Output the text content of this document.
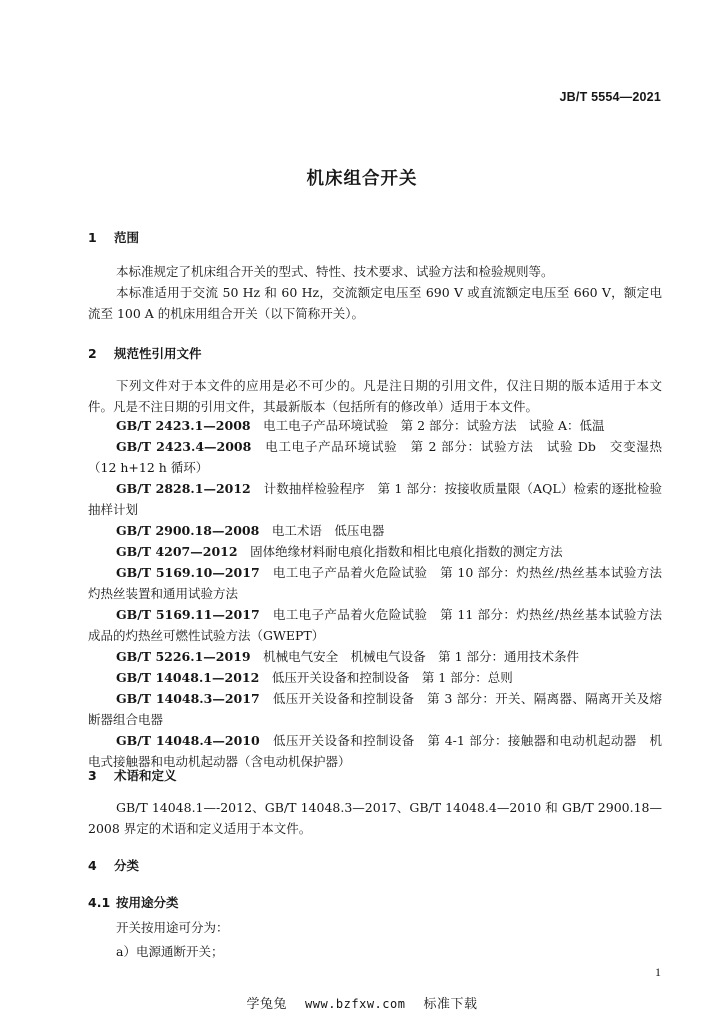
JB/T 5554—2021
机床组合开关
1 范围

本标准规定了机床组合开关的型式、特性、技术要求、试验方法和检验规则等。

本标准适用于交流 50 Hz 和 60 Hz，交流额定电压至 690 V 或直流额定电压至 660 V，额定电流至 100 A 的机床用组合开关（以下简称开关）。

2 规范性引用文件

下列文件对于本文件的应用是必不可少的。凡是注日期的引用文件，仅注日期的版本适用于本文件。凡是不注日期的引用文件，其最新版本（包括所有的修改单）适用于本文件。

GB/T 2423.1—2008　 电工电子产品环境试验　第 2 部分：试验方法　试验 A：低温

GB/T 2423.4—2008　 电工电子产品环境试验　第 2 部分：试验方法　试验 Db　交变湿热（12 h+12 h 循环）

GB/T 2828.1—2012　 计数抽样检验程序　第 1 部分：按接收质量限（AQL）检索的逐批检验抽样计划

GB/T 2900.18—2008　 电工术语　低压电器

GB/T 4207—2012　 固体绝缘材料耐电痕化指数和相比电痕化指数的测定方法

GB/T 5169.10—2017　 电工电子产品着火危险试验　第 10 部分：灼热丝/热丝基本试验方法　灼热丝装置和通用试验方法

GB/T 5169.11—2017　 电工电子产品着火危险试验　第 11 部分：灼热丝/热丝基本试验方法　成品的灼热丝可燃性试验方法（GWEPT）

GB/T 5226.1—2019　 机械电气安全　机械电气设备　第 1 部分：通用技术条件

GB/T 14048.1—2012　 低压开关设备和控制设备　第 1 部分：总则

GB/T 14048.3—2017　 低压开关设备和控制设备　第 3 部分：开关、隔离器、隔离开关及熔断器组合电器

GB/T 14048.4—2010　 低压开关设备和控制设备　第 4-1 部分：接触器和电动机起动器　机电式接触器和电动机起动器（含电动机保护器）

3 术语和定义

GB/T 14048.1—-2012、GB/T 14048.3—2017、GB/T 14048.4—2010 和 GB/T 2900.18—2008 界定的术语和定义适用于本文件。

4 分类
4.1 按用途分类

开关按用途可分为：

a）电源通断开关；
1
学兔兔 www.bzfxw.com 标准下载
